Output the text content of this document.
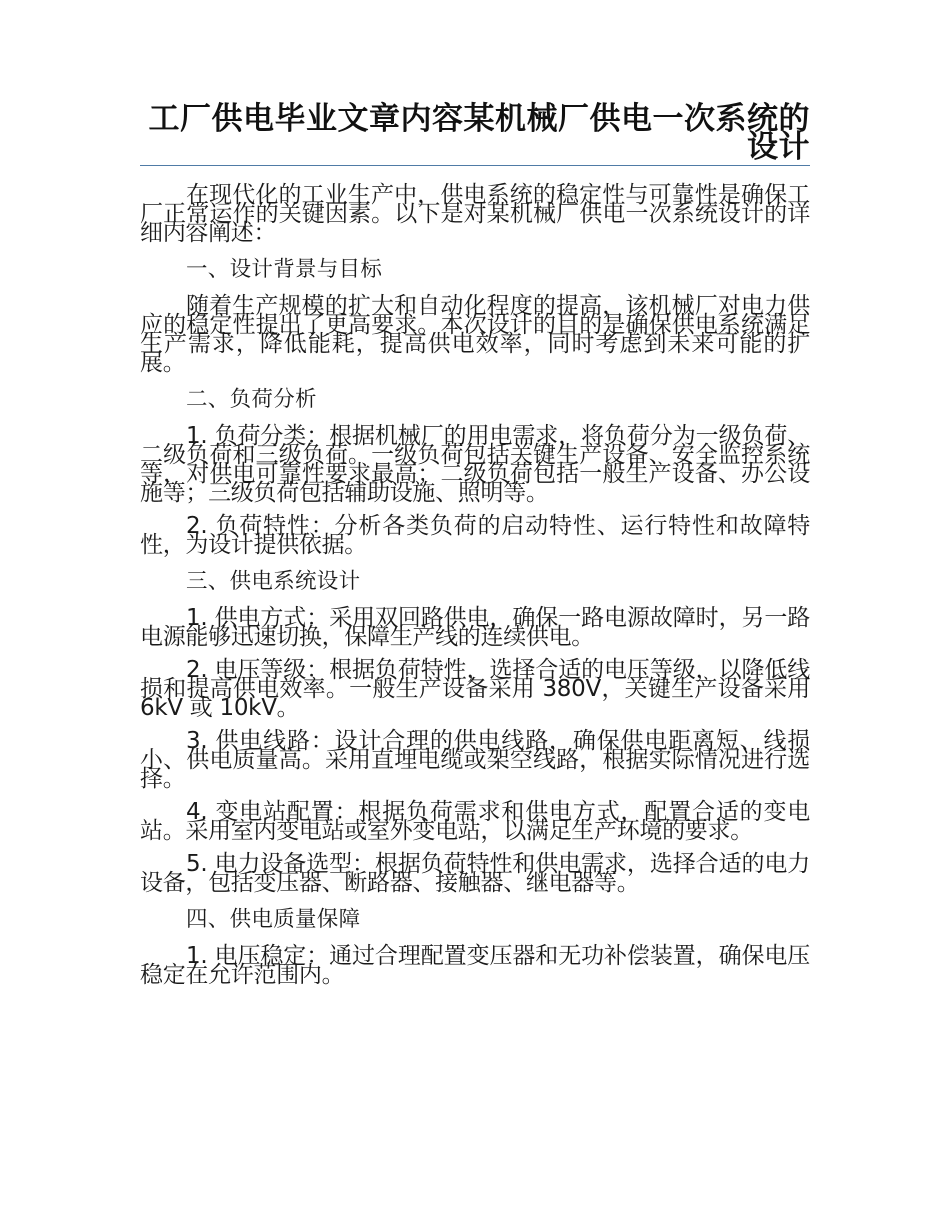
工厂供电毕业文章内容某机械厂供电一次系统的设计

在现代化的工业生产中，供电系统的稳定性与可靠性是确保工厂正常运作的关键因素。以下是对某机械厂供电一次系统设计的详细内容阐述：

一、设计背景与目标

随着生产规模的扩大和自动化程度的提高，该机械厂对电力供应的稳定性提出了更高要求。本次设计的目的是确保供电系统满足生产需求，降低能耗，提高供电效率，同时考虑到未来可能的扩展。

二、负荷分析

1. 负荷分类：根据机械厂的用电需求，将负荷分为一级负荷、二级负荷和三级负荷。一级负荷包括关键生产设备、安全监控系统等，对供电可靠性要求最高；二级负荷包括一般生产设备、办公设施等；三级负荷包括辅助设施、照明等。

2. 负荷特性：分析各类负荷的启动特性、运行特性和故障特性，为设计提供依据。

三、供电系统设计

1. 供电方式：采用双回路供电，确保一路电源故障时，另一路电源能够迅速切换，保障生产线的连续供电。

2. 电压等级：根据负荷特性，选择合适的电压等级，以降低线损和提高供电效率。一般生产设备采用 380V，关键生产设备采用 6kV 或 10kV。

3. 供电线路：设计合理的供电线路，确保供电距离短、线损小、供电质量高。采用直埋电缆或架空线路，根据实际情况进行选择。

4. 变电站配置：根据负荷需求和供电方式，配置合适的变电站。采用室内变电站或室外变电站，以满足生产环境的要求。

5. 电力设备选型：根据负荷特性和供电需求，选择合适的电力设备，包括变压器、断路器、接触器、继电器等。

四、供电质量保障

1. 电压稳定：通过合理配置变压器和无功补偿装置，确保电压稳定在允许范围内。
